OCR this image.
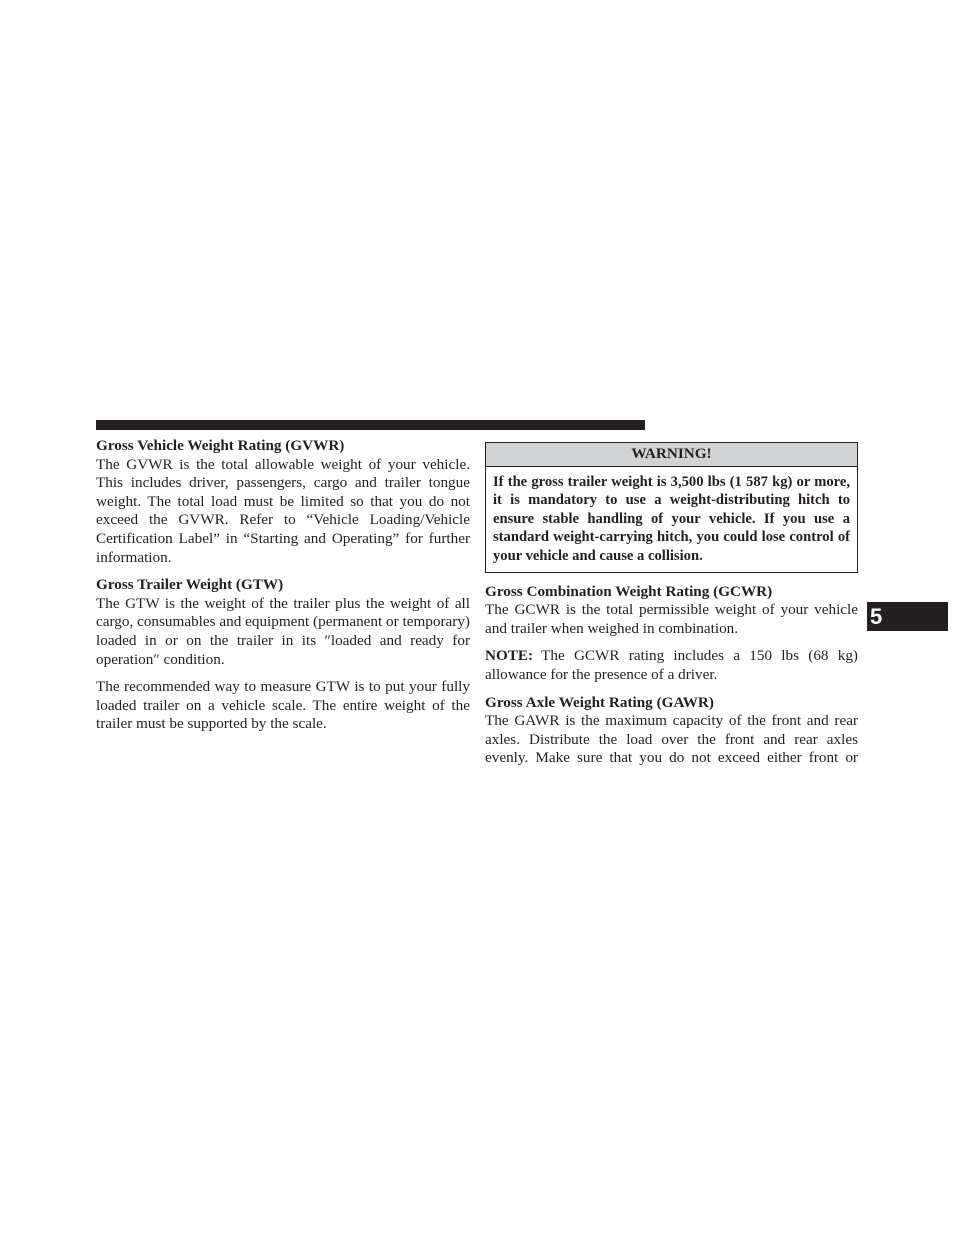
Gross Vehicle Weight Rating (GVWR)

The GVWR is the total allowable weight of your vehicle. This includes driver, passengers, cargo and trailer tongue weight. The total load must be limited so that you do not exceed the GVWR. Refer to “Vehicle Loading/Vehicle Certification Label” in “Starting and Operating” for further information.

Gross Trailer Weight (GTW)

The GTW is the weight of the trailer plus the weight of all cargo, consumables and equipment (permanent or temporary) loaded in or on the trailer in its ″loaded and ready for operation″ condition.

The recommended way to measure GTW is to put your fully loaded trailer on a vehicle scale. The entire weight of the trailer must be supported by the scale.

WARNING!
If the gross trailer weight is 3,500 lbs (1 587 kg) or more, it is mandatory to use a weight-distributing hitch to ensure stable handling of your vehicle. If you use a standard weight-carrying hitch, you could lose control of your vehicle and cause a collision.

Gross Combination Weight Rating (GCWR)

The GCWR is the total permissible weight of your vehicle and trailer when weighed in combination.

NOTE: The GCWR rating includes a 150 lbs (68 kg) allowance for the presence of a driver.

Gross Axle Weight Rating (GAWR)

The GAWR is the maximum capacity of the front and rear axles. Distribute the load over the front and rear axles evenly. Make sure that you do not exceed either front or

5
